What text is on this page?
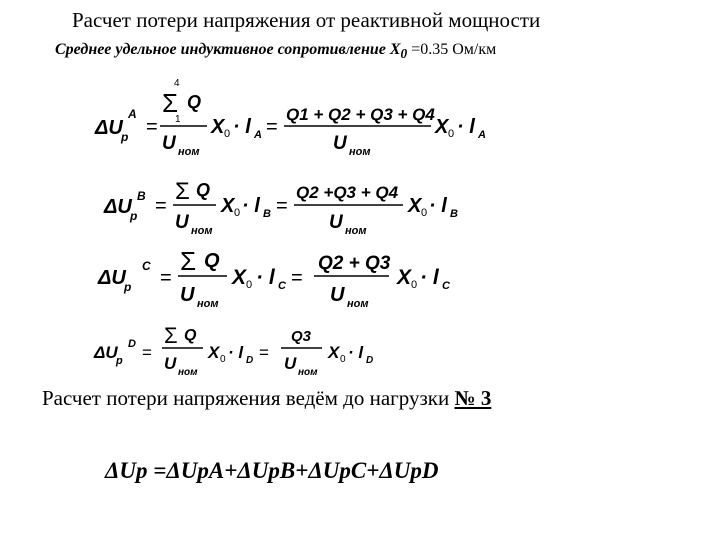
Расчет потери напряжения от реактивной мощности
Среднее удельное индуктивное сопротивление $X_0 =0.35$ Ом/км
ΔU
p
A
=
4
Σ Q
1
U ном
X 0 · l A =
Q1 + Q2 + Q3 + Q4
U ном
X 0 · l A
ΔU
p
B =
Σ Q
U ном
X 0 · l B =
Q2 +Q3 + Q4
U ном
X 0 · l B
ΔU
p
C
=
Σ Q
U ном
X 0 · l C =
Q2 + Q3
U ном
X 0 · l C
ΔU
p
D =
Σ Q
U ном
X 0 · l D =
Q3
U ном
X 0 · l D
Расчет потери напряжения ведём до нагрузки № 3
ΔUp =ΔUpA+ΔUpB+ΔUpC+ΔUpD
